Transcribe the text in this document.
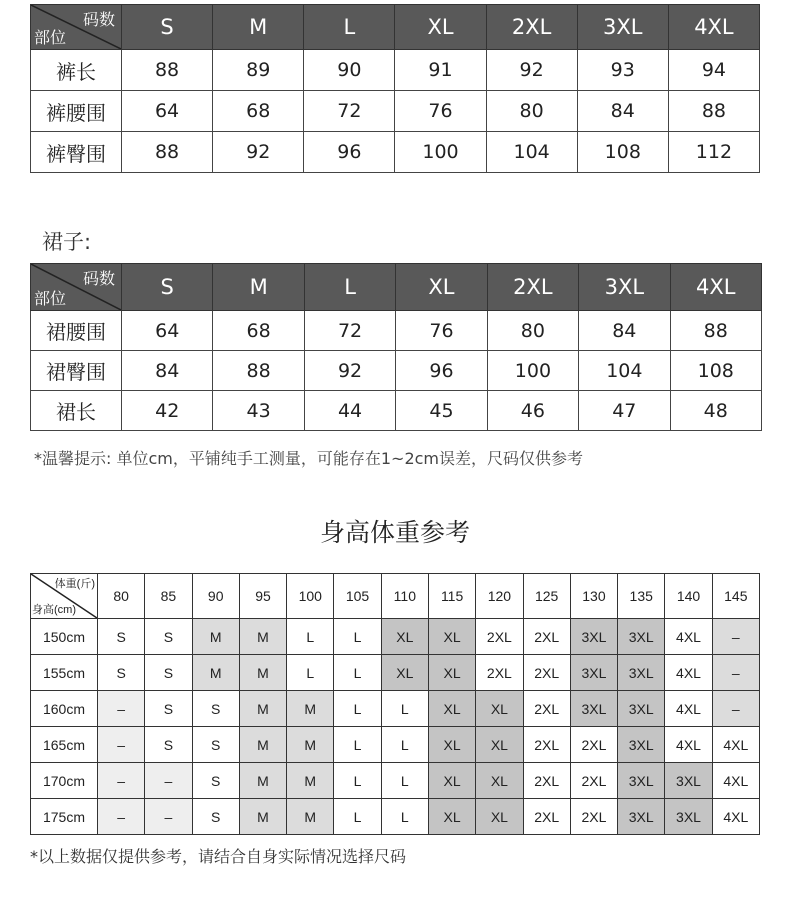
码数
部位	S	M	L	XL	2XL	3XL	4XL
裤长	88	89	90	91	92	93	94
裤腰围	64	68	72	76	80	84	88
裤臀围	88	92	96	100	104	108	112
裙子:
码数
部位	S	M	L	XL	2XL	3XL	4XL
裙腰围	64	68	72	76	80	84	88
裙臀围	84	88	92	96	100	104	108
裙长	42	43	44	45	46	47	48
*温馨提示: 单位cm，平铺纯手工测量，可能存在1~2cm误差，尺码仅供参考
身高体重参考
体重(斤)
身高(cm)	80	85	90	95	100	105	110	115	120	125	130	135	140	145
150cm	S	S	M	M	L	L	XL	XL	2XL	2XL	3XL	3XL	4XL	–
155cm	S	S	M	M	L	L	XL	XL	2XL	2XL	3XL	3XL	4XL	–
160cm	–	S	S	M	M	L	L	XL	XL	2XL	3XL	3XL	4XL	–
165cm	–	S	S	M	M	L	L	XL	XL	2XL	2XL	3XL	4XL	4XL
170cm	–	–	S	M	M	L	L	XL	XL	2XL	2XL	3XL	3XL	4XL
175cm	–	–	S	M	M	L	L	XL	XL	2XL	2XL	3XL	3XL	4XL
*以上数据仅提供参考，请结合自身实际情况选择尺码
